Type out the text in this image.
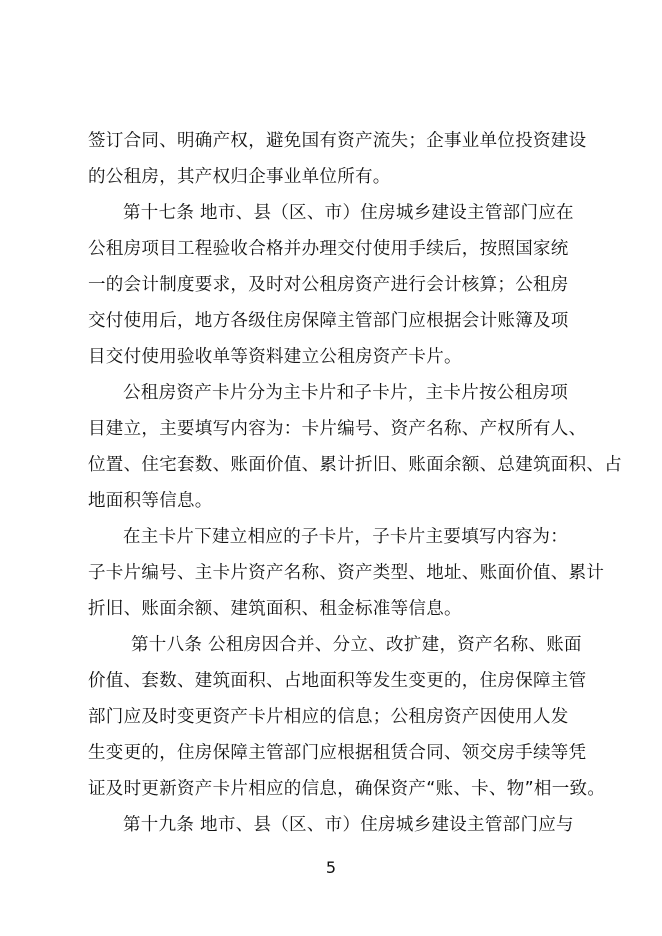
签订合同、明确产权，避免国有资产流失；企事业单位投资建设
的公租房，其产权归企事业单位所有。
第十七条 地市、县（区、市）住房城乡建设主管部门应在
公租房项目工程验收合格并办理交付使用手续后，按照国家统
一的会计制度要求，及时对公租房资产进行会计核算；公租房
交付使用后，地方各级住房保障主管部门应根据会计账簿及项
目交付使用验收单等资料建立公租房资产卡片。
公租房资产卡片分为主卡片和子卡片，主卡片按公租房项
目建立，主要填写内容为：卡片编号、资产名称、产权所有人、
位置、住宅套数、账面价值、累计折旧、账面余额、总建筑面积、占
地面积等信息。
在主卡片下建立相应的子卡片，子卡片主要填写内容为：
子卡片编号、主卡片资产名称、资产类型、地址、账面价值、累计
折旧、账面余额、建筑面积、租金标准等信息。
第十八条 公租房因合并、分立、改扩建，资产名称、账面
价值、套数、建筑面积、占地面积等发生变更的，住房保障主管
部门应及时变更资产卡片相应的信息；公租房资产因使用人发
生变更的，住房保障主管部门应根据租赁合同、领交房手续等凭
证及时更新资产卡片相应的信息，确保资产“账、卡、物”相一致。
第十九条 地市、县（区、市）住房城乡建设主管部门应与
5
